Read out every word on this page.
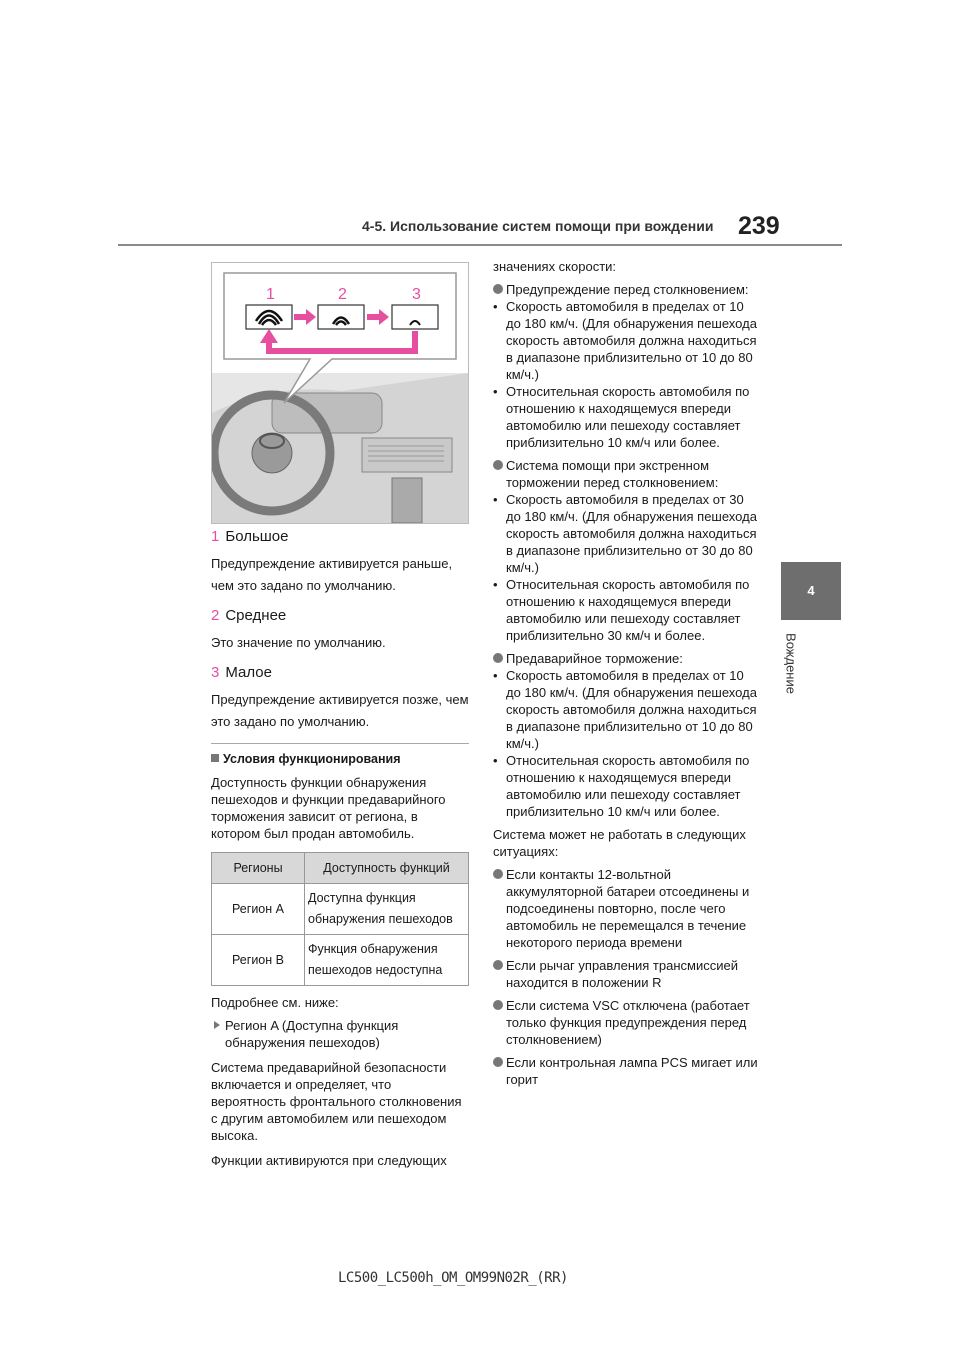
4-5. Использование систем помощи при вождении 239
4
Вождение
1	2	3

1 Большое

Предупреждение активируется раньше, чем это задано по умолчанию.

2 Среднее

Это значение по умолчанию.

3 Малое

Предупреждение активируется позже, чем это задано по умолчанию.

Условия функционирования

Доступность функции обнаружения пешеходов и функции предаварийного торможения зависит от региона, в котором был продан автомобиль.

Регионы	Доступность функций
Регион A	Доступна функция обнаружения пешеходов
Регион B	Функция обнаружения пешеходов недоступна

Подробнее см. ниже:

Регион A (Доступна функция обнаружения пешеходов)

Система предаварийной безопасности включается и определяет, что вероятность фронтального столкновения с другим автомобилем или пешеходом высока.

Функции активируются при следующих

значениях скорости:

Предупреждение перед столкновением:
• Скорость автомобиля в пределах от 10 до 180 км/ч. (Для обнаружения пешехода скорость автомобиля должна находиться в диапазоне приблизительно от 10 до 80 км/ч.)
• Относительная скорость автомобиля по отношению к находящемуся впереди автомобилю или пешеходу составляет приблизительно 10 км/ч или более.
Система помощи при экстренном торможении перед столкновением:
• Скорость автомобиля в пределах от 30 до 180 км/ч. (Для обнаружения пешехода скорость автомобиля должна находиться в диапазоне приблизительно от 30 до 80 км/ч.)
• Относительная скорость автомобиля по отношению к находящемуся впереди автомобилю или пешеходу составляет приблизительно 30 км/ч и более.
Предаварийное торможение:
• Скорость автомобиля в пределах от 10 до 180 км/ч. (Для обнаружения пешехода скорость автомобиля должна находиться в диапазоне приблизительно от 10 до 80 км/ч.)
• Относительная скорость автомобиля по отношению к находящемуся впереди автомобилю или пешеходу составляет приблизительно 10 км/ч или более.

Система может не работать в следующих ситуациях:

Если контакты 12-вольтной аккумуляторной батареи отсоединены и подсоединены повторно, после чего автомобиль не перемещался в течение некоторого периода времени
Если рычаг управления трансмиссией находится в положении R
Если система VSC отключена (работает только функция предупреждения перед столкновением)
Если контрольная лампа PCS мигает или горит
LC500_LC500h_OM_OM99N02R_(RR)
